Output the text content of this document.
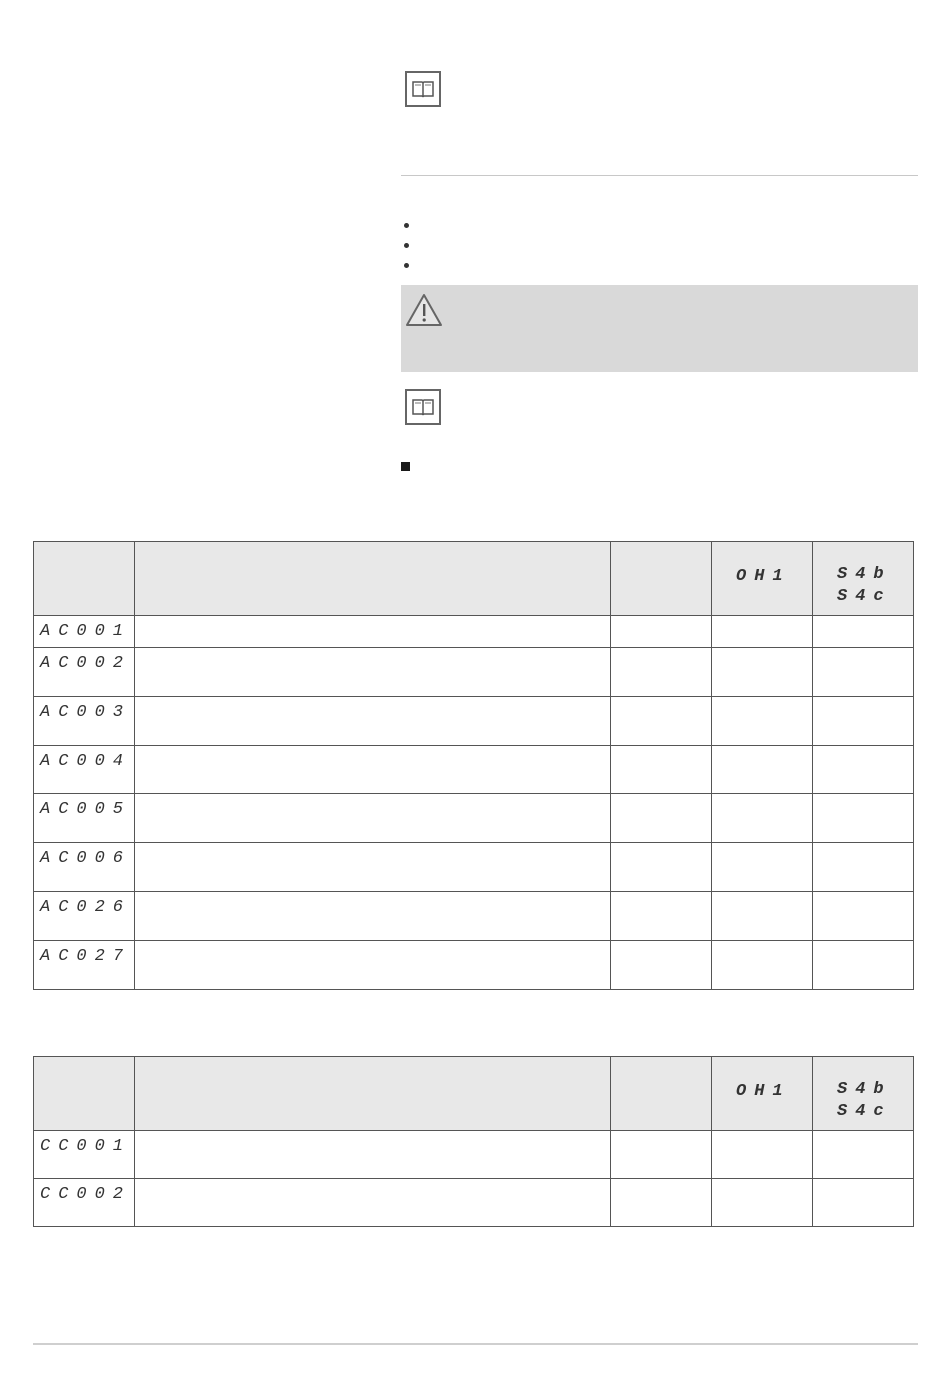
			OH1	S4b
S4c

AC001				

AC002				

AC003				

AC004				

AC005				

AC006				

AC026				

AC027				

			OH1	S4b
S4c

CC001				

CC002				
